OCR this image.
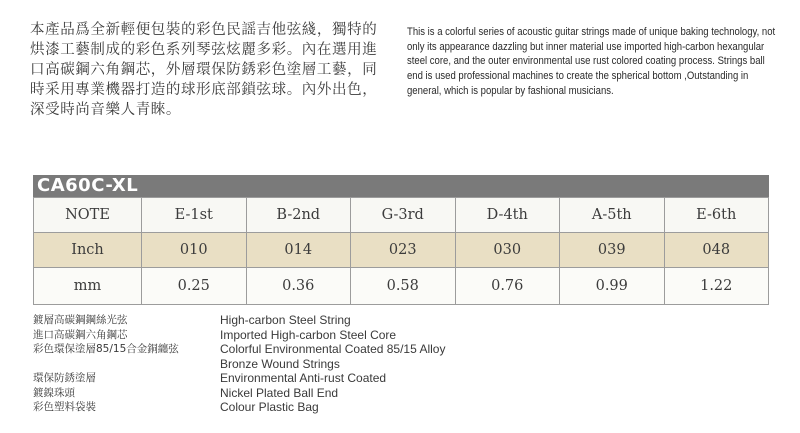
本產品爲全新輕便包裝的彩色民謡吉他弦綫，獨特的烘漆工藝制成的彩色系列琴弦炫麗多彩。內在選用進口高碳鋼六角鋼芯，外層環保防銹彩色塗層工藝，同時采用專業機器打造的球形底部鎖弦球。內外出色，深受時尚音樂人青睞。

This is a colorful series of acoustic guitar strings made of unique baking technology, not only its appearance dazzling but inner material use imported high-carbon hexangular steel core, and the outer environmental use rust colored coating process. Strings ball end is used professional machines to create the spherical bottom ,Outstanding in general, which is popular by fashional musicians.

CA60C-XL
NOTE	E-1st	B-2nd	G-3rd	D-4th	A-5th	E-6th
Inch	010	014	023	030	039	048
mm	0.25	0.36	0.58	0.76	0.99	1.22
鍍層高碳鋼鋼絲光弦	High-carbon Steel String
進口高碳鋼六角鋼芯	Imported High-carbon Steel Core
彩色環保塗層85/15合金銅纏弦	Colorful Environmental Coated 85/15 Alloy Bronze Wound Strings
環保防銹塗層	Environmental Anti-rust Coated
鍍鎳珠頭	Nickel Plated Ball End
彩色塑料袋裝	Colour Plastic Bag
